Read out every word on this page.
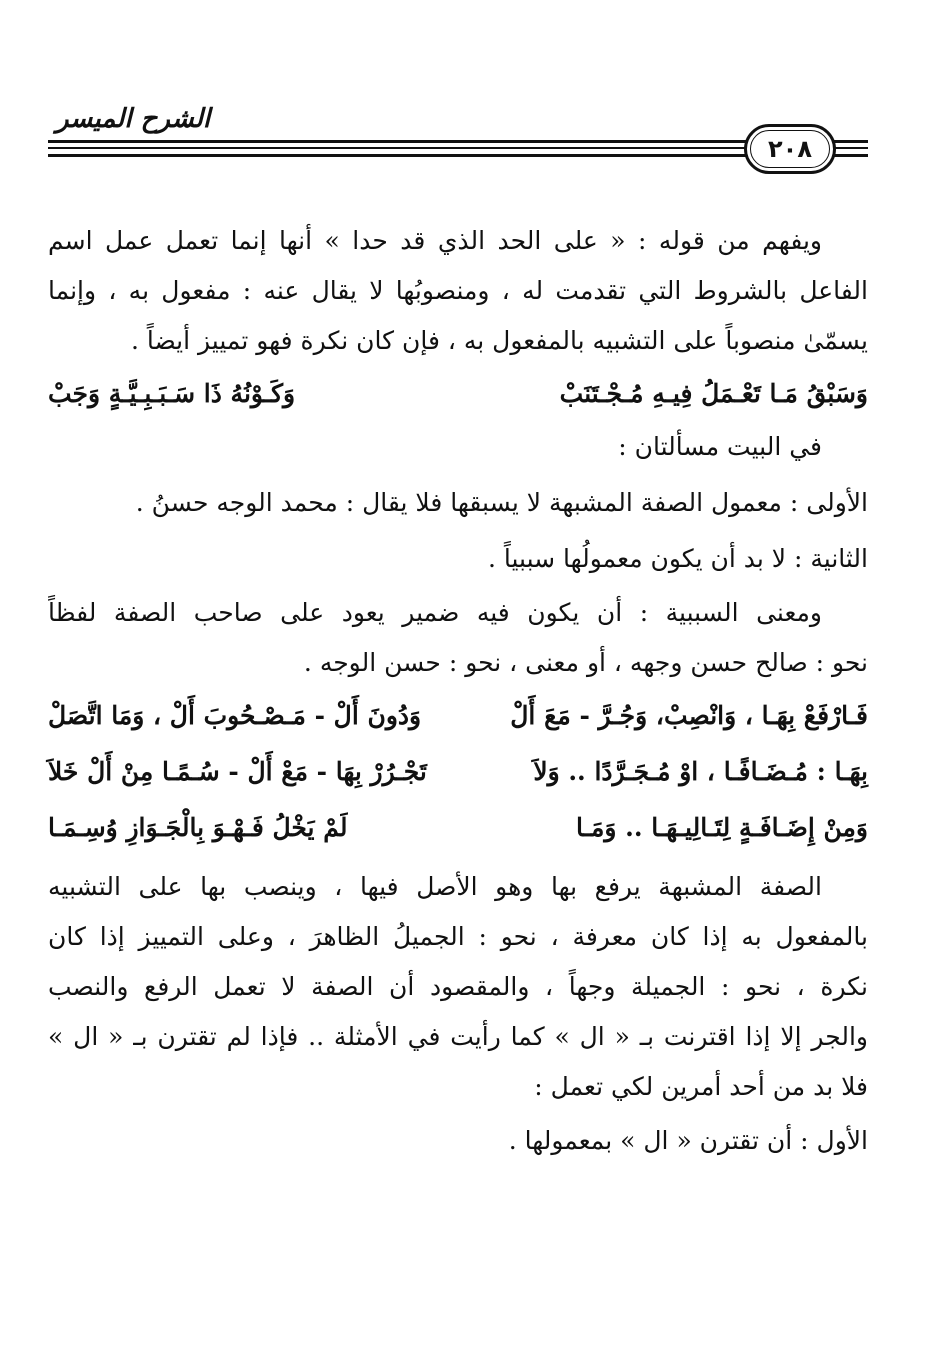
الشرح الميسر
٢٠٨
ويفهم من قوله : « على الحد الذي قد حدا » أنها إنما تعمل عمل اسم
الفاعل بالشروط التي تقدمت له ، ومنصوبُها لا يقال عنه : مفعول به ، وإنما
يسمّىٰ منصوباً على التشبيه بالمفعول به ، فإن كان نكرة فهو تمييز أيضاً .
وَسَبْقُ مَـا تَعْـمَلُ فِيـهِ مُـجْـتَنَبْ
وَكَـوْنُهُ ذَا سَـبَـبِـيَّـةٍ وَجَبْ
في البيت مسألتان :
الأولى : معمول الصفة المشبهة لا يسبقها فلا يقال : محمد الوجه حسنُ .
الثانية : لا بد أن يكون معمولُها سببياً .
ومعنى السببية : أن يكون فيه ضمير يعود على صاحب الصفة لفظاً
نحو : صالح حسن وجهه ، أو معنى ، نحو : حسن الوجه .
فَـارْفَعْ بِهَـا ، وَانْصِبْ، وَجُـرَّ - مَعَ أَلْ
وَدُونَ أَلْ - مَـصْـحُوبَ أَلْ ، وَمَا اتَّصَلْ
بِهَـا : مُـضَـافًـا ، اوْ مُـجَـرَّدًا .. وَلاَ
تَجْـرُرْ بِهَا - مَعْ أَلْ - سُـمًـا مِنْ أَلْ خَلاَ
وَمِنْ إِضَـافَـةٍ لِتَـالِيـهَـا .. وَمَـا
لَمْ يَخْلُ فَـهْـوَ بِالْجَـوَازِ وُسِـمَـا
الصفة المشبهة يرفع بها وهو الأصل فيها ، وينصب بها على التشبيه
بالمفعول به إذا كان معرفة ، نحو : الجميلُ الظاهرَ ، وعلى التمييز إذا كان
نكرة ، نحو : الجميلة وجهاً ، والمقصود أن الصفة لا تعمل الرفع والنصب
والجر إلا إذا اقترنت بـ « ال » كما رأيت في الأمثلة .. فإذا لم تقترن بـ « ال »
فلا بد من أحد أمرين لكي تعمل :
الأول : أن تقترن « ال » بمعمولها .
